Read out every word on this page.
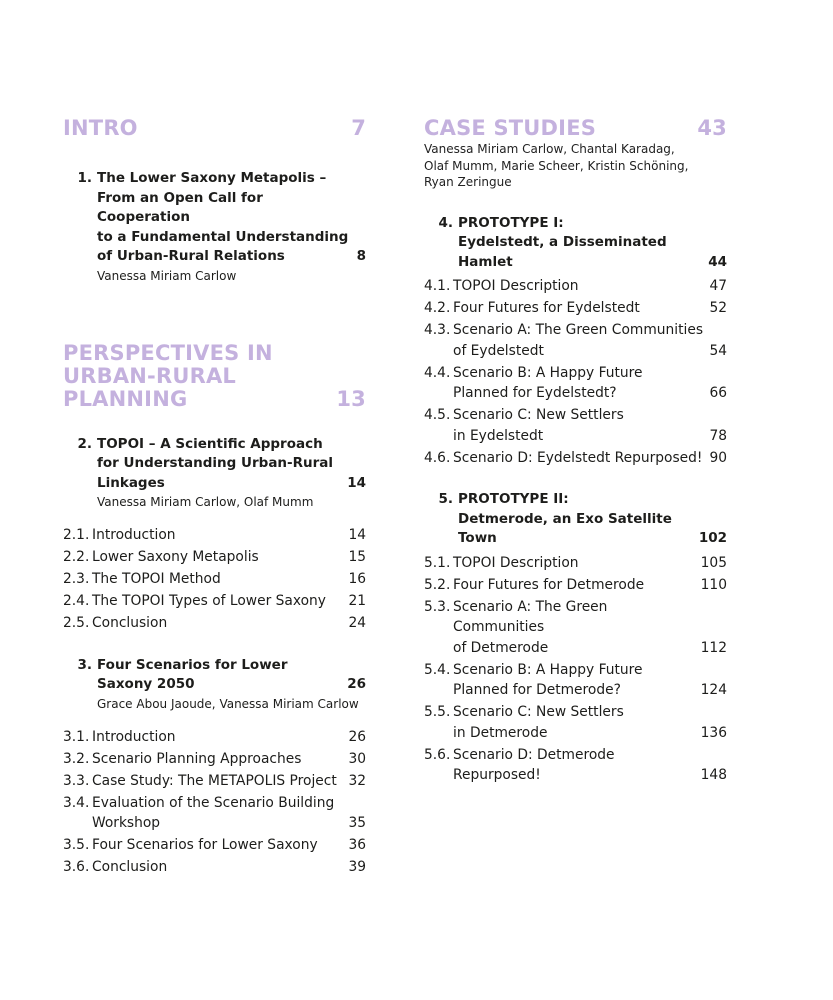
INTRO	7
1. The Lower Saxony Metapolis –
From an Open Call for Cooperation
to a Fundamental Understanding
of Urban-Rural Relations	8
Vanessa Miriam Carlow
PERSPECTIVES IN
URBAN-RURAL
PLANNING	13
2. TOPOI – A Scientific Approach
for Understanding Urban-Rural
Linkages	14
Vanessa Miriam Carlow, Olaf Mumm
2.1. Introduction	14
2.2. Lower Saxony Metapolis	15
2.3. The TOPOI Method	16
2.4. The TOPOI Types of Lower Saxony	21
2.5. Conclusion	24
3. Four Scenarios for Lower
Saxony 2050	26
Grace Abou Jaoude, Vanessa Miriam Carlow
3.1. Introduction	26
3.2. Scenario Planning Approaches	30
3.3. Case Study: The METAPOLIS Project 32
3.4. Evaluation of the Scenario Building
Workshop	35
3.5. Four Scenarios for Lower Saxony	36
3.6. Conclusion	39
CASE STUDIES	43
Vanessa Miriam Carlow, Chantal Karadag,
Olaf Mumm, Marie Scheer, Kristin Schöning,
Ryan Zeringue
4. PROTOTYPE I:
Eydelstedt, a Disseminated Hamlet	44
4.1. TOPOI Description	47
4.2. Four Futures for Eydelstedt	52
4.3. Scenario A: The Green Communities
of Eydelstedt	54
4.4. Scenario B: A Happy Future
Planned for Eydelstedt?	66
4.5. Scenario C: New Settlers
in Eydelstedt	78
4.6. Scenario D: Eydelstedt Repurposed! 90
5. PROTOTYPE II:
Detmerode, an Exo Satellite Town	102
5.1. TOPOI Description	105
5.2. Four Futures for Detmerode	110
5.3. Scenario A: The Green Communities
of Detmerode	112
5.4. Scenario B: A Happy Future
Planned for Detmerode?	124
5.5. Scenario C: New Settlers
in Detmerode	136
5.6. Scenario D: Detmerode Repurposed!	148
